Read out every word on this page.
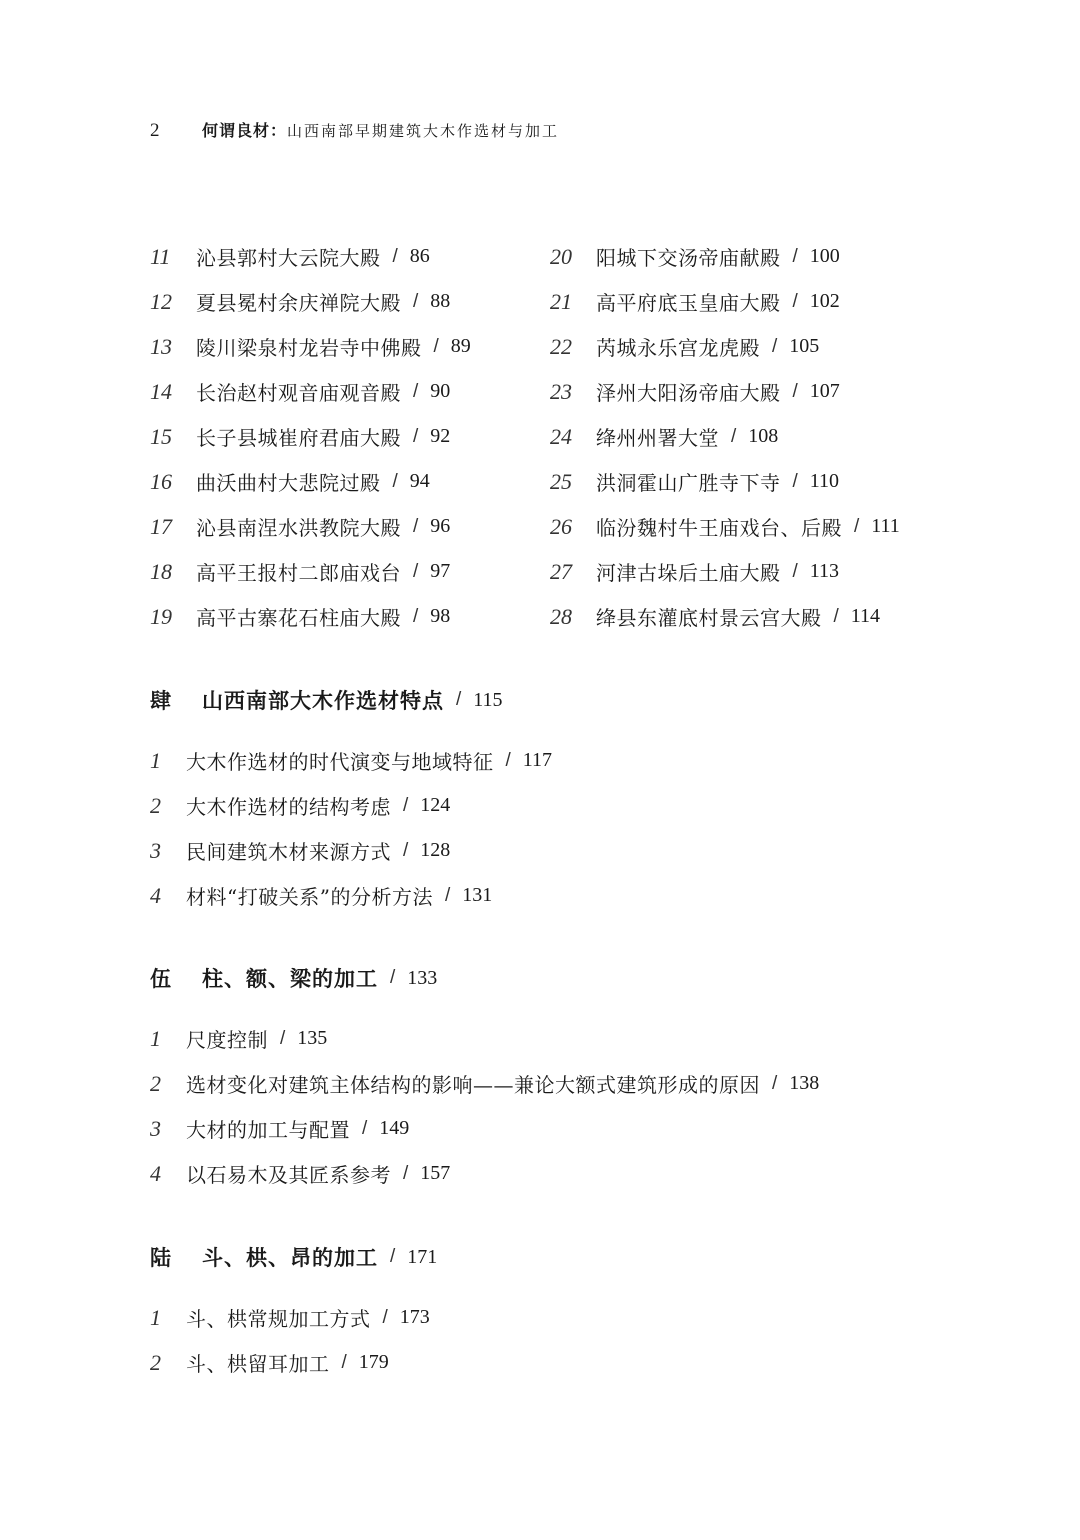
2	何谓良材 ： 山西南部早期建筑大木作选材与加工
11	沁县郭村大云院大殿 / 86
12	夏县冕村余庆禅院大殿 / 88
13	陵川梁泉村龙岩寺中佛殿 / 89
14	长治赵村观音庙观音殿 / 90
15	长子县城崔府君庙大殿 / 92
16	曲沃曲村大悲院过殿 / 94
17	沁县南涅水洪教院大殿 / 96
18	高平王报村二郎庙戏台 / 97
19	高平古寨花石柱庙大殿 / 98
20	阳城下交汤帝庙献殿 / 100
21	高平府底玉皇庙大殿 / 102
22	芮城永乐宫龙虎殿 / 105
23	泽州大阳汤帝庙大殿 / 107
24	绛州州署大堂 / 108
25	洪洞霍山广胜寺下寺 / 110
26	临汾魏村牛王庙戏台、后殿 / 111
27	河津古垛后土庙大殿 / 113
28	绛县东灌底村景云宫大殿 / 114
肆	山西南部大木作选材特点 / 115
1	大木作选材的时代演变与地域特征 / 117
2	大木作选材的结构考虑 / 124
3	民间建筑木材来源方式 / 128
4	材料“打破关系”的分析方法 / 131
伍	柱、额、梁的加工 / 133
1	尺度控制 / 135
2	选材变化对建筑主体结构的影响——兼论大额式建筑形成的原因 / 138
3	大材的加工与配置 / 149
4	以石易木及其匠系参考 / 157
陆	斗、栱、昂的加工 / 171
1	斗、栱常规加工方式 / 173
2	斗、栱留耳加工 / 179
